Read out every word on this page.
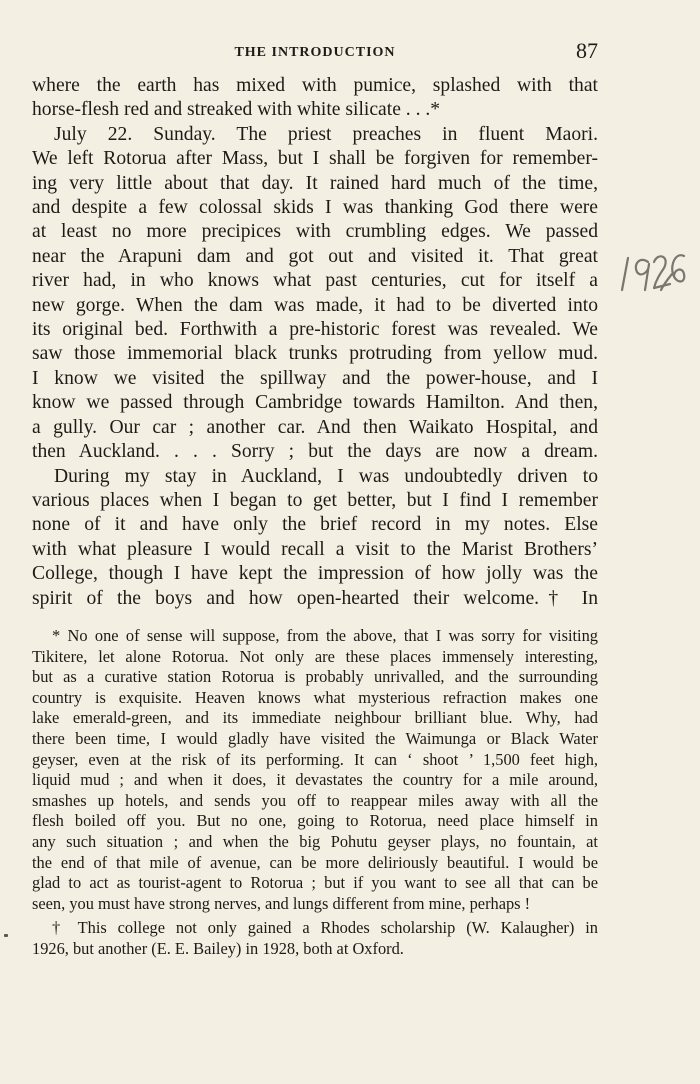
THE INTRODUCTION	87
where the earth has mixed with pumice, splashed with that
horse-flesh red and streaked with white silicate . . .*
July 22. Sunday. The priest preaches in fluent Maori.
We left Rotorua after Mass, but I shall be forgiven for remember-
ing very little about that day. It rained hard much of the time,
and despite a few colossal skids I was thanking God there were
at least no more precipices with crumbling edges. We passed
near the Arapuni dam and got out and visited it. That great
river had, in who knows what past centuries, cut for itself a
new gorge. When the dam was made, it had to be diverted into
its original bed. Forthwith a pre-historic forest was revealed. We
saw those immemorial black trunks protruding from yellow mud.
I know we visited the spillway and the power-house, and I
know we passed through Cambridge towards Hamilton. And then,
a gully. Our car ; another car. And then Waikato Hospital, and
then Auckland. . . . Sorry ; but the days are now a dream.
During my stay in Auckland, I was undoubtedly driven to
various places when I began to get better, but I find I remember
none of it and have only the brief record in my notes. Else
with what pleasure I would recall a visit to the Marist Brothers’
College, though I have kept the impression of how jolly was the
spirit of the boys and how open-hearted their welcome.† In
* No one of sense will suppose, from the above, that I was sorry for visiting
Tikitere, let alone Rotorua. Not only are these places immensely interesting,
but as a curative station Rotorua is probably unrivalled, and the surrounding
country is exquisite. Heaven knows what mysterious refraction makes one
lake emerald-green, and its immediate neighbour brilliant blue. Why, had
there been time, I would gladly have visited the Waimunga or Black Water
geyser, even at the risk of its performing. It can ‘ shoot ’ 1,500 feet high,
liquid mud ; and when it does, it devastates the country for a mile around,
smashes up hotels, and sends you off to reappear miles away with all the
flesh boiled off you. But no one, going to Rotorua, need place himself in
any such situation ; and when the big Pohutu geyser plays, no fountain, at
the end of that mile of avenue, can be more deliriously beautiful. I would be
glad to act as tourist-agent to Rotorua ; but if you want to see all that can be
seen, you must have strong nerves, and lungs different from mine, perhaps !
† This college not only gained a Rhodes scholarship (W. Kalaugher) in
1926, but another (E. E. Bailey) in 1928, both at Oxford.
